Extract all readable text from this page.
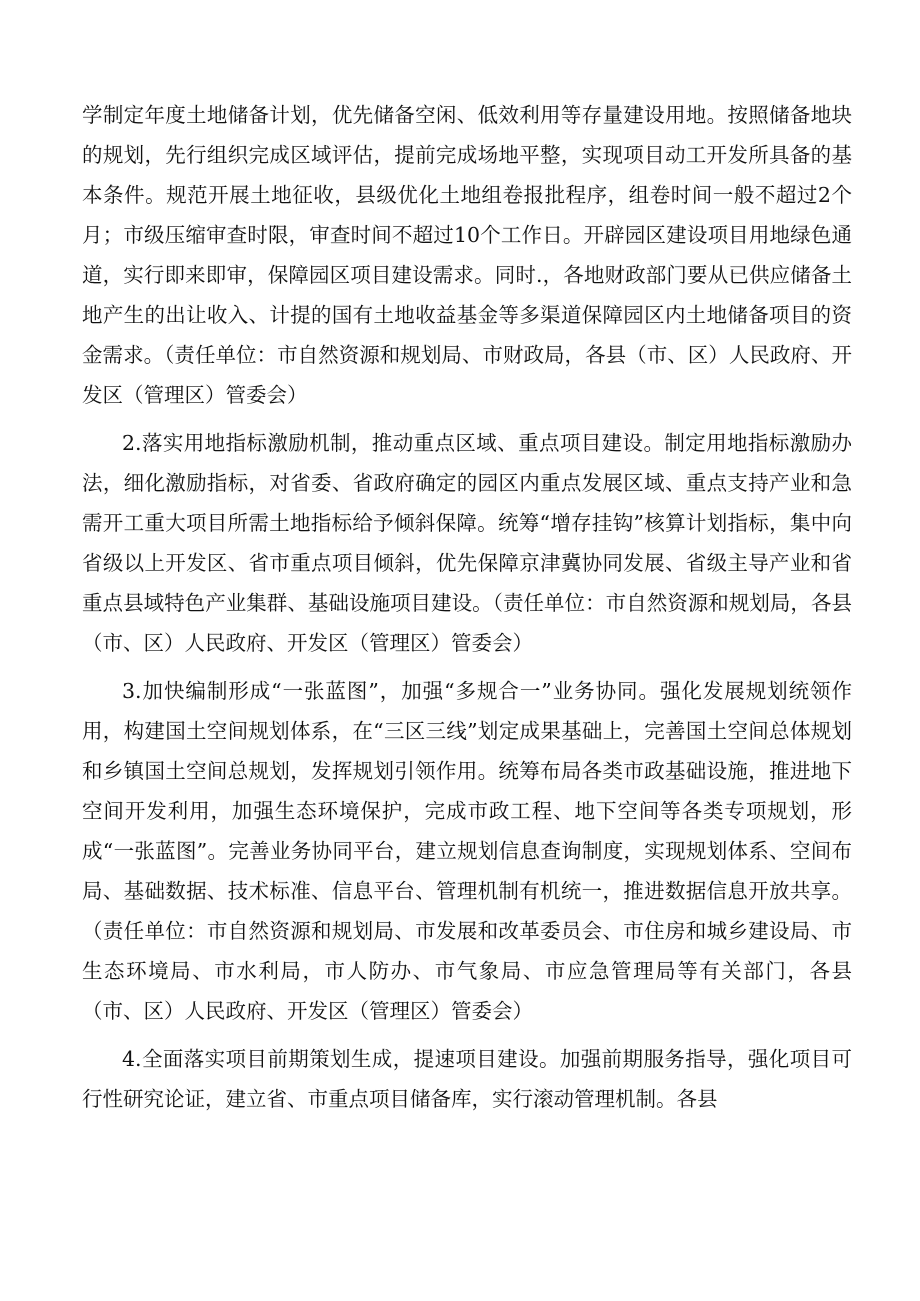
学制定年度土地储备计划，优先储备空闲、低效利用等存量建设用地。按照储备地块的规划，先行组织完成区域评估，提前完成场地平整，实现项目动工开发所具备的基本条件。规范开展土地征收，县级优化土地组卷报批程序，组卷时间一般不超过2个月；市级压缩审查时限，审查时间不超过10个工作日。开辟园区建设项目用地绿色通道，实行即来即审，保障园区项目建设需求。同时.，各地财政部门要从已供应储备土地产生的出让收入、计提的国有土地收益基金等多渠道保障园区内土地储备项目的资金需求。（责任单位：市自然资源和规划局、市财政局，各县（市、区）人民政府、开发区（管理区）管委会）

2.落实用地指标激励机制，推动重点区域、重点项目建设。制定用地指标激励办法，细化激励指标，对省委、省政府确定的园区内重点发展区域、重点支持产业和急需开工重大项目所需土地指标给予倾斜保障。统筹“增存挂钩”核算计划指标，集中向省级以上开发区、省市重点项目倾斜，优先保障京津冀协同发展、省级主导产业和省重点县域特色产业集群、基础设施项目建设。（责任单位：市自然资源和规划局，各县（市、区）人民政府、开发区（管理区）管委会）

3.加快编制形成“一张蓝图”，加强“多规合一”业务协同。强化发展规划统领作用，构建国土空间规划体系，在“三区三线”划定成果基础上，完善国土空间总体规划和乡镇国土空间总规划，发挥规划引领作用。统筹布局各类市政基础设施，推进地下空间开发利用，加强生态环境保护，完成市政工程、地下空间等各类专项规划，形成“一张蓝图”。完善业务协同平台，建立规划信息查询制度，实现规划体系、空间布局、基础数据、技术标准、信息平台、管理机制有机统一，推进数据信息开放共享。（责任单位：市自然资源和规划局、市发展和改革委员会、市住房和城乡建设局、市生态环境局、市水利局，市人防办、市气象局、市应急管理局等有关部门，各县（市、区）人民政府、开发区（管理区）管委会）

4.全面落实项目前期策划生成，提速项目建设。加强前期服务指导，强化项目可行性研究论证，建立省、市重点项目储备库，实行滚动管理机制。各县
